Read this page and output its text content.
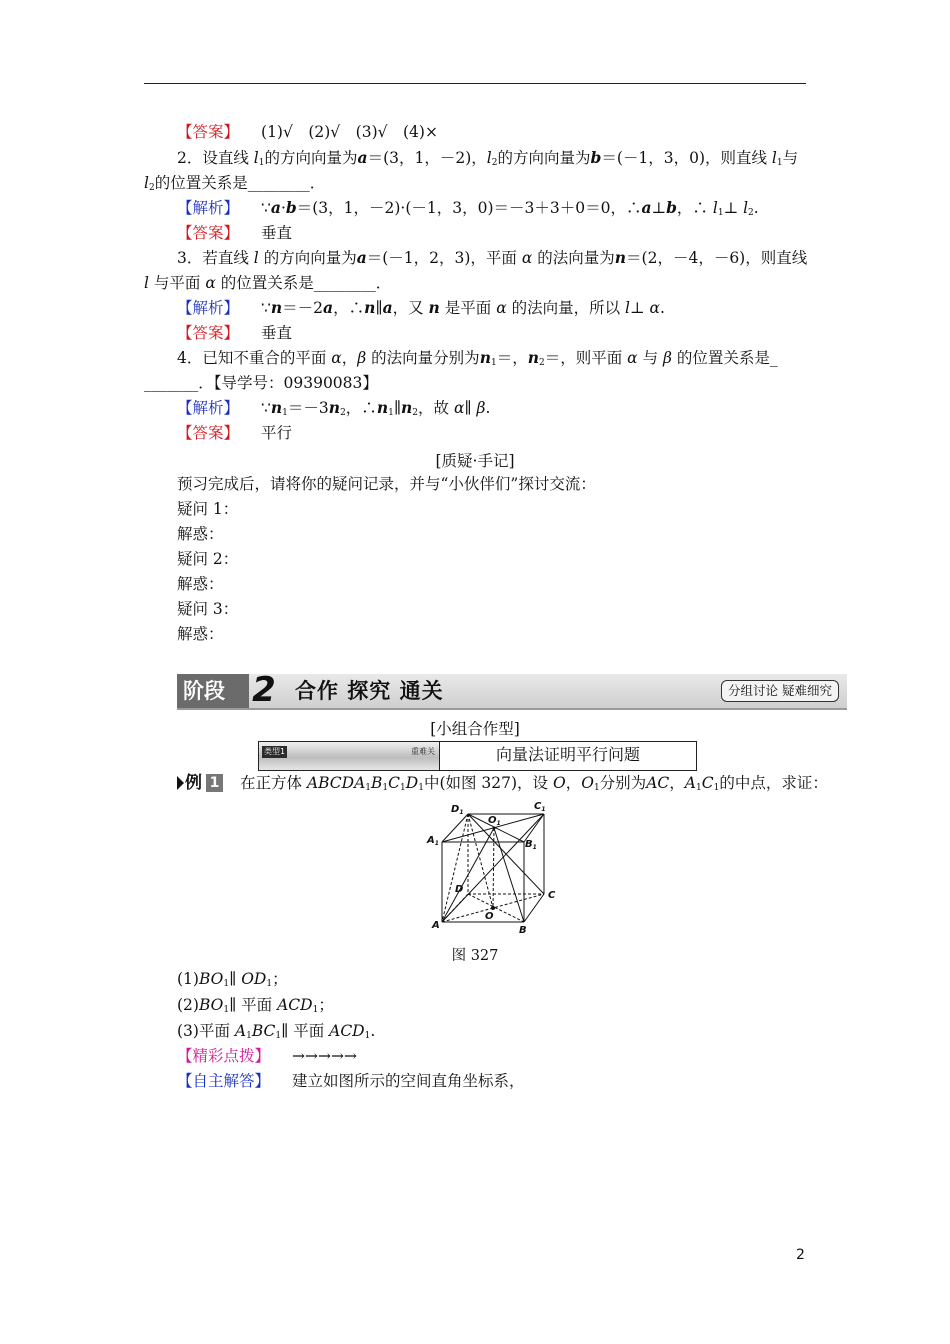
【答案】 (1)√　(2)√　(3)√　(4)×
2．设直线 $l_1$的方向向量为a＝(3，1，－2)，$l_2$的方向向量为b＝(－1，3，0)，则直线 $l_1$与
$l_2$的位置关系是________．
【解析】 ∵a·b＝(3，1，－2)·(－1，3，0)＝－3＋3＋0＝0，∴a⊥b，∴ $l_1\perp$ $l_2$.
【答案】 垂直
3．若直线 l 的方向向量为a＝(－1，2，3)，平面 α 的法向量为n＝(2，－4，－6)，则直线
l 与平面 α 的位置关系是________．
【解析】 ∵n＝－2a，∴n∥a，又 n 是平面 α 的法向量，所以 l⊥ α.
【答案】 垂直
4．已知不重合的平面 α，β 的法向量分别为$n_1=$，$n_2=$，则平面 α 与 β 的位置关系是_
_______．【导学号：09390083】
【解析】 $\because n_1=-3n_2$，$\therefore n_1\parallel n_2$，故 α∥ β.
【答案】 平行
[质疑·手记]
预习完成后，请将你的疑问记录，并与“小伙伴们”探讨交流：
疑问 1：
解惑：
疑问 2：
解惑：
疑问 3：
解惑：
阶段 2 合作 探究 通关	分组讨论 疑难细究
[小组合作型]
类型1	重难关	向量法证明平行问题
例 1 在正方体 $ABCDA_1B_1C_1D_1$中(如图 327)，设 O，$O_1$分别为AC，$A_1C_1$的中点，求证：
$D_1$
$O_1$
$C_1$
$A_1$	$B_1$
D
O
A	B
C
图 327
$(1)BO_1\parallel$ $OD_1$；
$(2)BO_1\parallel$ 平面 $ACD_1$；
(3)平面 $A_1BC_1\parallel$ 平面 $ACD_1$.
【精彩点拨】 →→→→→
【自主解答】 建立如图所示的空间直角坐标系，
2
